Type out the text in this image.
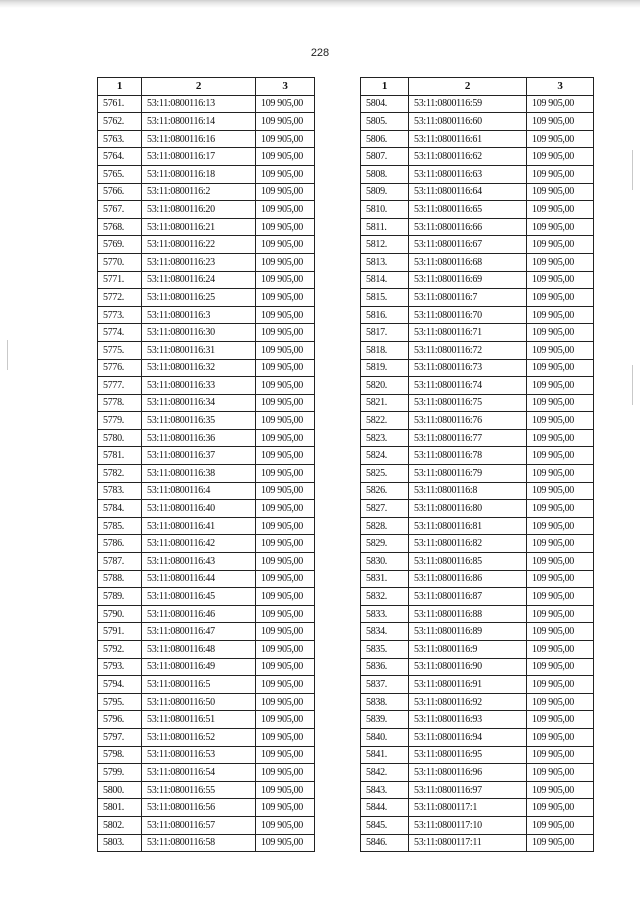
228
1	2	3
5761.	53:11:0800116:13	109 905,00
5762.	53:11:0800116:14	109 905,00
5763.	53:11:0800116:16	109 905,00
5764.	53:11:0800116:17	109 905,00
5765.	53:11:0800116:18	109 905,00
5766.	53:11:0800116:2	109 905,00
5767.	53:11:0800116:20	109 905,00
5768.	53:11:0800116:21	109 905,00
5769.	53:11:0800116:22	109 905,00
5770.	53:11:0800116:23	109 905,00
5771.	53:11:0800116:24	109 905,00
5772.	53:11:0800116:25	109 905,00
5773.	53:11:0800116:3	109 905,00
5774.	53:11:0800116:30	109 905,00
5775.	53:11:0800116:31	109 905,00
5776.	53:11:0800116:32	109 905,00
5777.	53:11:0800116:33	109 905,00
5778.	53:11:0800116:34	109 905,00
5779.	53:11:0800116:35	109 905,00
5780.	53:11:0800116:36	109 905,00
5781.	53:11:0800116:37	109 905,00
5782.	53:11:0800116:38	109 905,00
5783.	53:11:0800116:4	109 905,00
5784.	53:11:0800116:40	109 905,00
5785.	53:11:0800116:41	109 905,00
5786.	53:11:0800116:42	109 905,00
5787.	53:11:0800116:43	109 905,00
5788.	53:11:0800116:44	109 905,00
5789.	53:11:0800116:45	109 905,00
5790.	53:11:0800116:46	109 905,00
5791.	53:11:0800116:47	109 905,00
5792.	53:11:0800116:48	109 905,00
5793.	53:11:0800116:49	109 905,00
5794.	53:11:0800116:5	109 905,00
5795.	53:11:0800116:50	109 905,00
5796.	53:11:0800116:51	109 905,00
5797.	53:11:0800116:52	109 905,00
5798.	53:11:0800116:53	109 905,00
5799.	53:11:0800116:54	109 905,00
5800.	53:11:0800116:55	109 905,00
5801.	53:11:0800116:56	109 905,00
5802.	53:11:0800116:57	109 905,00
5803.	53:11:0800116:58	109 905,00
1	2	3
5804.	53:11:0800116:59	109 905,00
5805.	53:11:0800116:60	109 905,00
5806.	53:11:0800116:61	109 905,00
5807.	53:11:0800116:62	109 905,00
5808.	53:11:0800116:63	109 905,00
5809.	53:11:0800116:64	109 905,00
5810.	53:11:0800116:65	109 905,00
5811.	53:11:0800116:66	109 905,00
5812.	53:11:0800116:67	109 905,00
5813.	53:11:0800116:68	109 905,00
5814.	53:11:0800116:69	109 905,00
5815.	53:11:0800116:7	109 905,00
5816.	53:11:0800116:70	109 905,00
5817.	53:11:0800116:71	109 905,00
5818.	53:11:0800116:72	109 905,00
5819.	53:11:0800116:73	109 905,00
5820.	53:11:0800116:74	109 905,00
5821.	53:11:0800116:75	109 905,00
5822.	53:11:0800116:76	109 905,00
5823.	53:11:0800116:77	109 905,00
5824.	53:11:0800116:78	109 905,00
5825.	53:11:0800116:79	109 905,00
5826.	53:11:0800116:8	109 905,00
5827.	53:11:0800116:80	109 905,00
5828.	53:11:0800116:81	109 905,00
5829.	53:11:0800116:82	109 905,00
5830.	53:11:0800116:85	109 905,00
5831.	53:11:0800116:86	109 905,00
5832.	53:11:0800116:87	109 905,00
5833.	53:11:0800116:88	109 905,00
5834.	53:11:0800116:89	109 905,00
5835.	53:11:0800116:9	109 905,00
5836.	53:11:0800116:90	109 905,00
5837.	53:11:0800116:91	109 905,00
5838.	53:11:0800116:92	109 905,00
5839.	53:11:0800116:93	109 905,00
5840.	53:11:0800116:94	109 905,00
5841.	53:11:0800116:95	109 905,00
5842.	53:11:0800116:96	109 905,00
5843.	53:11:0800116:97	109 905,00
5844.	53:11:0800117:1	109 905,00
5845.	53:11:0800117:10	109 905,00
5846.	53:11:0800117:11	109 905,00
